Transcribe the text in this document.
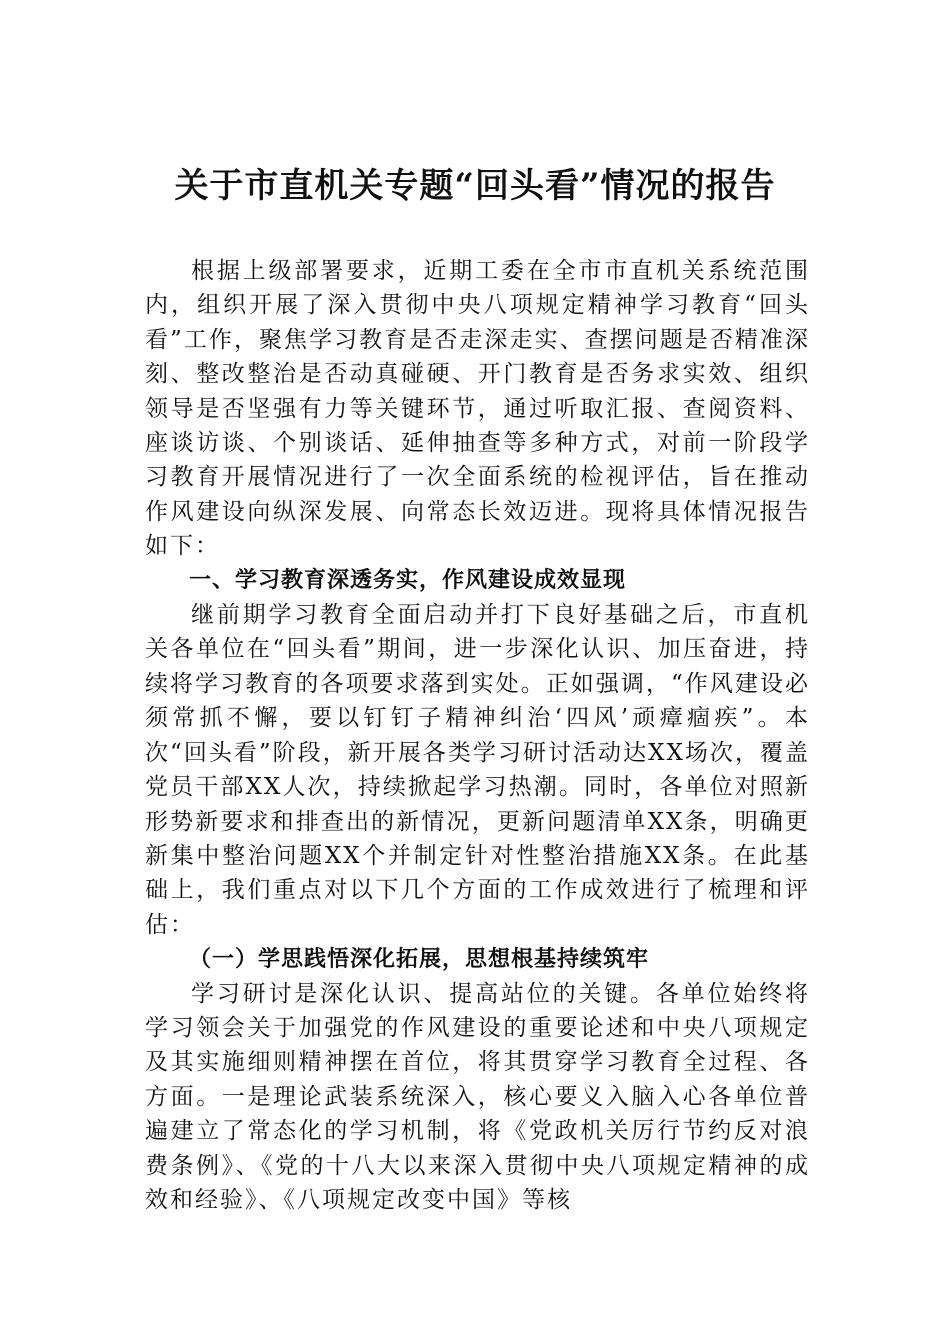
关于市直机关专题“回头看”情况的报告

根据上级部署要求，近期工委在全市市直机关系统范围内，组织开展了深入贯彻中央八项规定精神学习教育“回头看”工作，聚焦学习教育是否走深走实、查摆问题是否精准深刻、整改整治是否动真碰硬、开门教育是否务求实效、组织领导是否坚强有力等关键环节，通过听取汇报、查阅资料、座谈访谈、个别谈话、延伸抽查等多种方式，对前一阶段学习教育开展情况进行了一次全面系统的检视评估，旨在推动作风建设向纵深发展、向常态长效迈进。现将具体情况报告如下：

一、学习教育深透务实，作风建设成效显现

继前期学习教育全面启动并打下良好基础之后，市直机关各单位在“回头看”期间，进一步深化认识、加压奋进，持续将学习教育的各项要求落到实处。正如强调，“作风建设必须常抓不懈，要以钉钉子精神纠治‘四风’顽瘴痼疾”。本次“回头看”阶段，新开展各类学习研讨活动达XX场次，覆盖党员干部XX人次，持续掀起学习热潮。同时，各单位对照新形势新要求和排查出的新情况，更新问题清单XX条，明确更新集中整治问题XX个并制定针对性整治措施XX条。在此基础上，我们重点对以下几个方面的工作成效进行了梳理和评估：

（一）学思践悟深化拓展，思想根基持续筑牢

学习研讨是深化认识、提高站位的关键。各单位始终将学习领会关于加强党的作风建设的重要论述和中央八项规定及其实施细则精神摆在首位，将其贯穿学习教育全过程、各方面。一是理论武装系统深入，核心要义入脑入心各单位普遍建立了常态化的学习机制，将《党政机关厉行节约反对浪费条例》、《党的十八大以来深入贯彻中央八项规定精神的成效和经验》、《八项规定改变中国》等核
